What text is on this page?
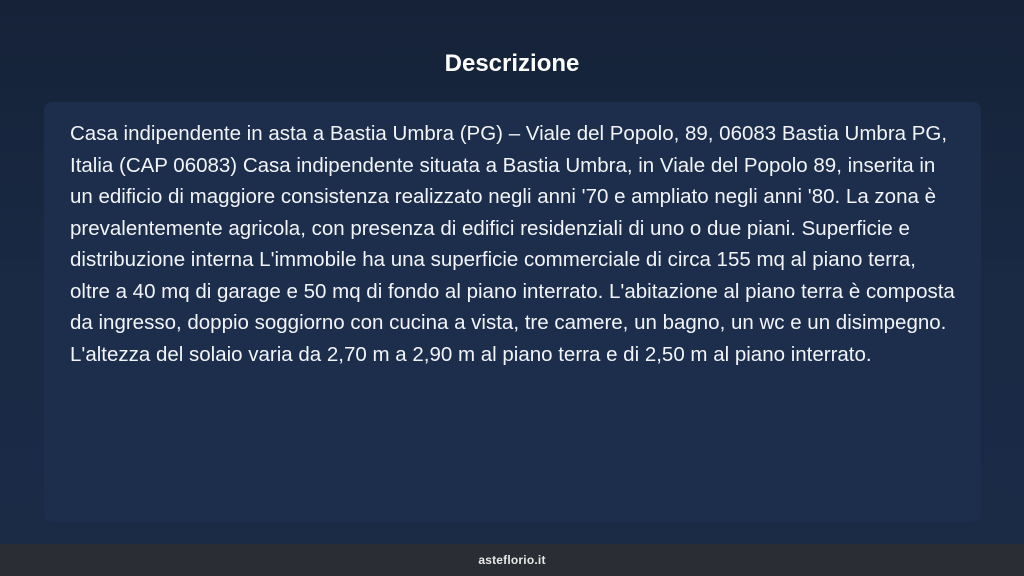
Descrizione

Casa indipendente in asta a Bastia Umbra (PG) – Viale del Popolo, 89, 06083 Bastia Umbra PG, Italia (CAP 06083) Casa indipendente situata a Bastia Umbra, in Viale del Popolo 89, inserita in un edificio di maggiore consistenza realizzato negli anni '70 e ampliato negli anni '80. La zona è prevalentemente agricola, con presenza di edifici residenziali di uno o due piani. Superficie e distribuzione interna L'immobile ha una superficie commerciale di circa 155 mq al piano terra, oltre a 40 mq di garage e 50 mq di fondo al piano interrato. L'abitazione al piano terra è composta da ingresso, doppio soggiorno con cucina a vista, tre camere, un bagno, un wc e un disimpegno. L'altezza del solaio varia da 2,70 m a 2,90 m al piano terra e di 2,50 m al piano interrato.

asteflorio.it
